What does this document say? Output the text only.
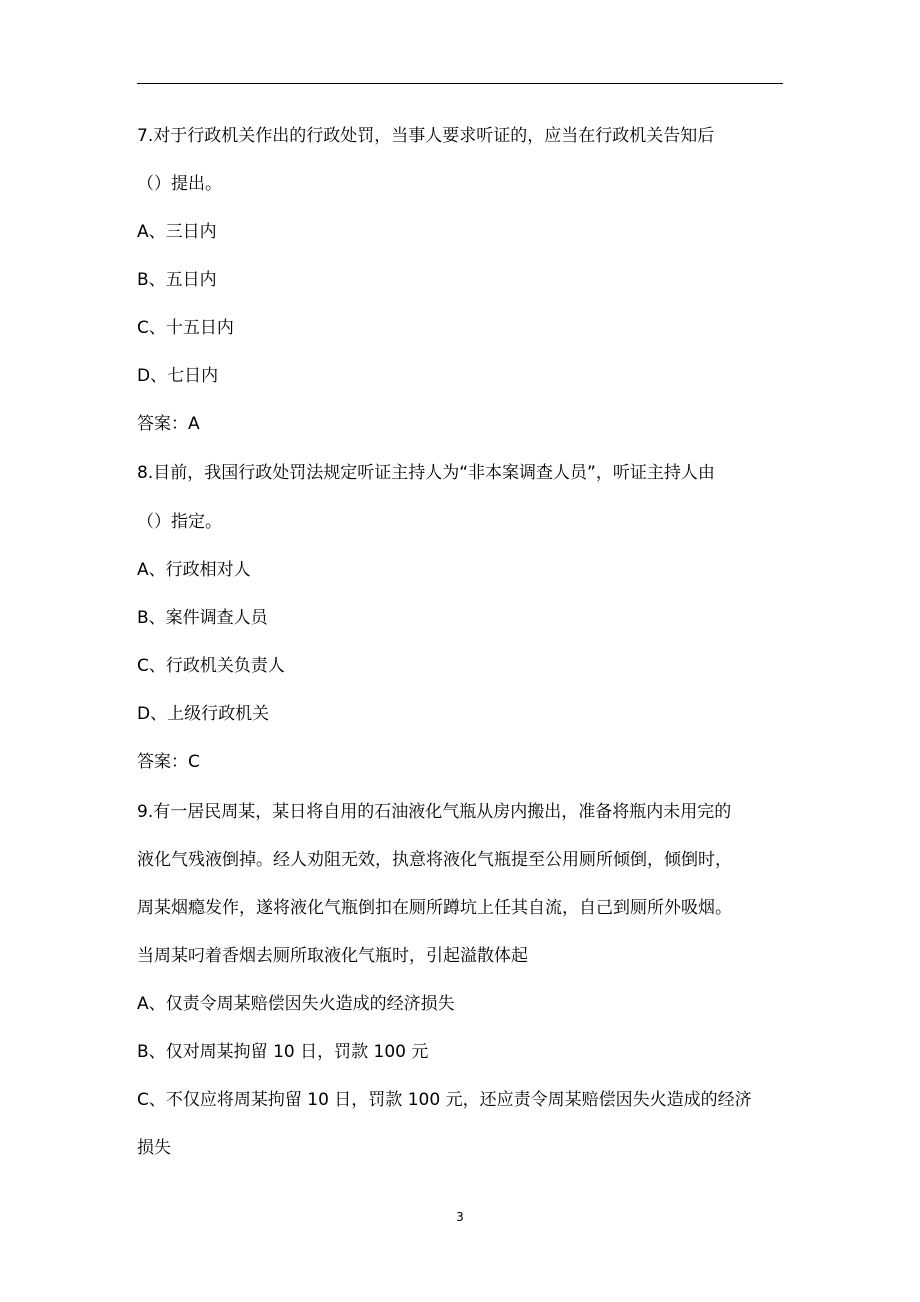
7.对于行政机关作出的行政处罚，当事人要求听证的，应当在行政机关告知后
（）提出。
A、三日内
B、五日内
C、十五日内
D、七日内
答案：A
8.目前，我国行政处罚法规定听证主持人为“非本案调查人员”，听证主持人由
（）指定。
A、行政相对人
B、案件调查人员
C、行政机关负责人
D、上级行政机关
答案：C
9.有一居民周某，某日将自用的石油液化气瓶从房内搬出，准备将瓶内未用完的
液化气残液倒掉。经人劝阻无效，执意将液化气瓶提至公用厕所倾倒，倾倒时，
周某烟瘾发作，遂将液化气瓶倒扣在厕所蹲坑上任其自流，自己到厕所外吸烟。
当周某叼着香烟去厕所取液化气瓶时，引起溢散体起
A、仅责令周某赔偿因失火造成的经济损失
B、仅对周某拘留 10 日，罚款 100 元
C、不仅应将周某拘留 10 日，罚款 100 元，还应责令周某赔偿因失火造成的经济
损失
3
